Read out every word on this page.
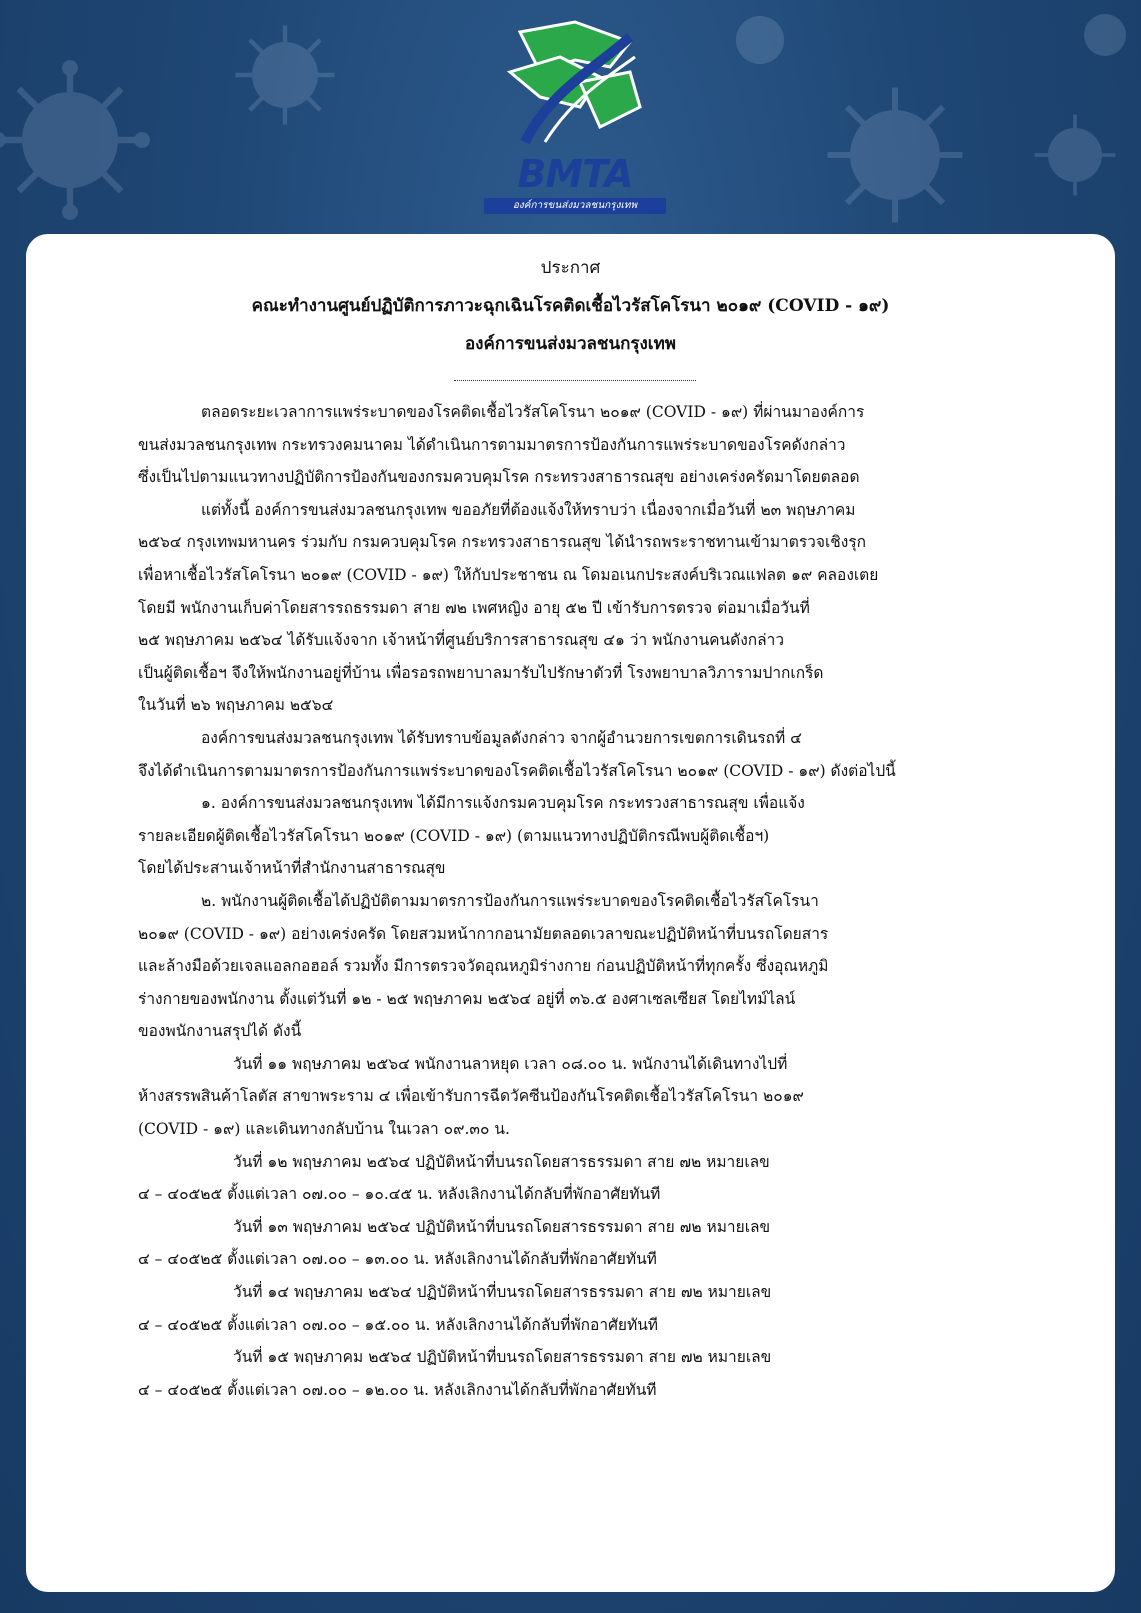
BMTA
องค์การขนส่งมวลชนกรุงเทพ
ประกาศ
คณะทำงานศูนย์ปฏิบัติการภาวะฉุกเฉินโรคติดเชื้อไวรัสโคโรนา ๒๐๑๙ (COVID - ๑๙)
องค์การขนส่งมวลชนกรุงเทพ
ตลอดระยะเวลาการแพร่ระบาดของโรคติดเชื้อไวรัสโคโรนา ๒๐๑๙ (COVID - ๑๙) ที่ผ่านมาองค์การ
ขนส่งมวลชนกรุงเทพ กระทรวงคมนาคม ได้ดำเนินการตามมาตรการป้องกันการแพร่ระบาดของโรคดังกล่าว
ซึ่งเป็นไปตามแนวทางปฏิบัติการป้องกันของกรมควบคุมโรค กระทรวงสาธารณสุข อย่างเคร่งครัดมาโดยตลอด
แต่ทั้งนี้ องค์การขนส่งมวลชนกรุงเทพ ขออภัยที่ต้องแจ้งให้ทราบว่า เนื่องจากเมื่อวันที่ ๒๓ พฤษภาคม
๒๕๖๔ กรุงเทพมหานคร ร่วมกับ กรมควบคุมโรค กระทรวงสาธารณสุข ได้นำรถพระราชทานเข้ามาตรวจเชิงรุก
เพื่อหาเชื้อไวรัสโคโรนา ๒๐๑๙ (COVID - ๑๙) ให้กับประชาชน ณ โดมอเนกประสงค์บริเวณแฟลต ๑๙ คลองเตย
โดยมี พนักงานเก็บค่าโดยสารรถธรรมดา สาย ๗๒ เพศหญิง อายุ ๕๒ ปี เข้ารับการตรวจ ต่อมาเมื่อวันที่
๒๕ พฤษภาคม ๒๕๖๔ ได้รับแจ้งจาก เจ้าหน้าที่ศูนย์บริการสาธารณสุข ๔๑ ว่า พนักงานคนดังกล่าว
เป็นผู้ติดเชื้อฯ จึงให้พนักงานอยู่ที่บ้าน เพื่อรอรถพยาบาลมารับไปรักษาตัวที่ โรงพยาบาลวิภารามปากเกร็ด
ในวันที่ ๒๖ พฤษภาคม ๒๕๖๔
องค์การขนส่งมวลชนกรุงเทพ ได้รับทราบข้อมูลดังกล่าว จากผู้อำนวยการเขตการเดินรถที่ ๔
จึงได้ดำเนินการตามมาตรการป้องกันการแพร่ระบาดของโรคติดเชื้อไวรัสโคโรนา ๒๐๑๙ (COVID - ๑๙) ดังต่อไปนี้
๑. องค์การขนส่งมวลชนกรุงเทพ ได้มีการแจ้งกรมควบคุมโรค กระทรวงสาธารณสุข เพื่อแจ้ง
รายละเอียดผู้ติดเชื้อไวรัสโคโรนา ๒๐๑๙ (COVID - ๑๙) (ตามแนวทางปฏิบัติกรณีพบผู้ติดเชื้อฯ)
โดยได้ประสานเจ้าหน้าที่สำนักงานสาธารณสุข
๒. พนักงานผู้ติดเชื้อได้ปฏิบัติตามมาตรการป้องกันการแพร่ระบาดของโรคติดเชื้อไวรัสโคโรนา
๒๐๑๙ (COVID - ๑๙) อย่างเคร่งครัด โดยสวมหน้ากากอนามัยตลอดเวลาขณะปฏิบัติหน้าที่บนรถโดยสาร
และล้างมือด้วยเจลแอลกอฮอล์ รวมทั้ง มีการตรวจวัดอุณหภูมิร่างกาย ก่อนปฏิบัติหน้าที่ทุกครั้ง ซึ่งอุณหภูมิ
ร่างกายของพนักงาน ตั้งแต่วันที่ ๑๒ - ๒๕ พฤษภาคม ๒๕๖๔ อยู่ที่ ๓๖.๕ องศาเซลเซียส โดยไทม์ไลน์
ของพนักงานสรุปได้ ดังนี้
วันที่ ๑๑ พฤษภาคม ๒๕๖๔ พนักงานลาหยุด เวลา ๐๘.๐๐ น. พนักงานได้เดินทางไปที่
ห้างสรรพสินค้าโลตัส สาขาพระราม ๔ เพื่อเข้ารับการฉีดวัคซีนป้องกันโรคติดเชื้อไวรัสโคโรนา ๒๐๑๙
(COVID - ๑๙) และเดินทางกลับบ้าน ในเวลา ๐๙.๓๐ น.
วันที่ ๑๒ พฤษภาคม ๒๕๖๔ ปฏิบัติหน้าที่บนรถโดยสารธรรมดา สาย ๗๒ หมายเลข
๔ – ๔๐๕๒๕ ตั้งแต่เวลา ๐๗.๐๐ – ๑๐.๔๕ น. หลังเลิกงานได้กลับที่พักอาศัยทันที
วันที่ ๑๓ พฤษภาคม ๒๕๖๔ ปฏิบัติหน้าที่บนรถโดยสารธรรมดา สาย ๗๒ หมายเลข
๔ – ๔๐๕๒๕ ตั้งแต่เวลา ๐๗.๐๐ – ๑๓.๐๐ น. หลังเลิกงานได้กลับที่พักอาศัยทันที
วันที่ ๑๔ พฤษภาคม ๒๕๖๔ ปฏิบัติหน้าที่บนรถโดยสารธรรมดา สาย ๗๒ หมายเลข
๔ – ๔๐๕๒๕ ตั้งแต่เวลา ๐๗.๐๐ – ๑๕.๐๐ น. หลังเลิกงานได้กลับที่พักอาศัยทันที
วันที่ ๑๕ พฤษภาคม ๒๕๖๔ ปฏิบัติหน้าที่บนรถโดยสารธรรมดา สาย ๗๒ หมายเลข
๔ – ๔๐๕๒๕ ตั้งแต่เวลา ๐๗.๐๐ – ๑๒.๐๐ น. หลังเลิกงานได้กลับที่พักอาศัยทันที
